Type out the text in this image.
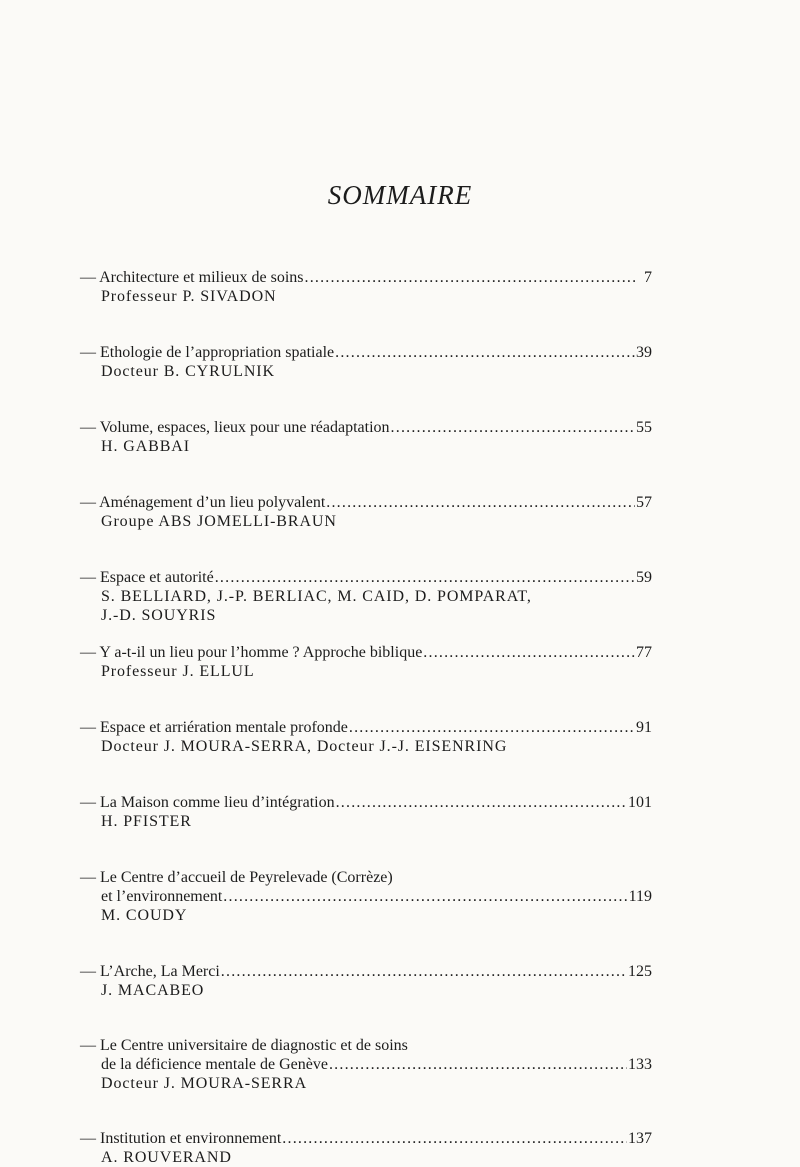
SOMMAIRE
— Architecture et milieux de soins .....	7
Professeur P. SIVADON
— Ethologie de l’appropriation spatiale .....	39
Docteur B. CYRULNIK
— Volume, espaces, lieux pour une réadaptation .....	55
H. GABBAI
— Aménagement d’un lieu polyvalent .....	57
Groupe ABS JOMELLI-BRAUN
— Espace et autorité .....	59
S. BELLIARD, J.-P. BERLIAC, M. CAID, D. POMPARAT,
J.-D. SOUYRIS
— Y a-t-il un lieu pour l’homme ? Approche biblique .....	77
Professeur J. ELLUL
— Espace et arriération mentale profonde .....	91
Docteur J. MOURA-SERRA, Docteur J.-J. EISENRING
— La Maison comme lieu d’intégration .....	101
H. PFISTER
— Le Centre d’accueil de Peyrelevade (Corrèze)
et l’environnement .....	119
M. COUDY
— L’Arche, La Merci .....	125
J. MACABEO
— Le Centre universitaire de diagnostic et de soins
de la déficience mentale de Genève .....	133
Docteur J. MOURA-SERRA
— Institution et environnement .....	137
A. ROUVERAND
